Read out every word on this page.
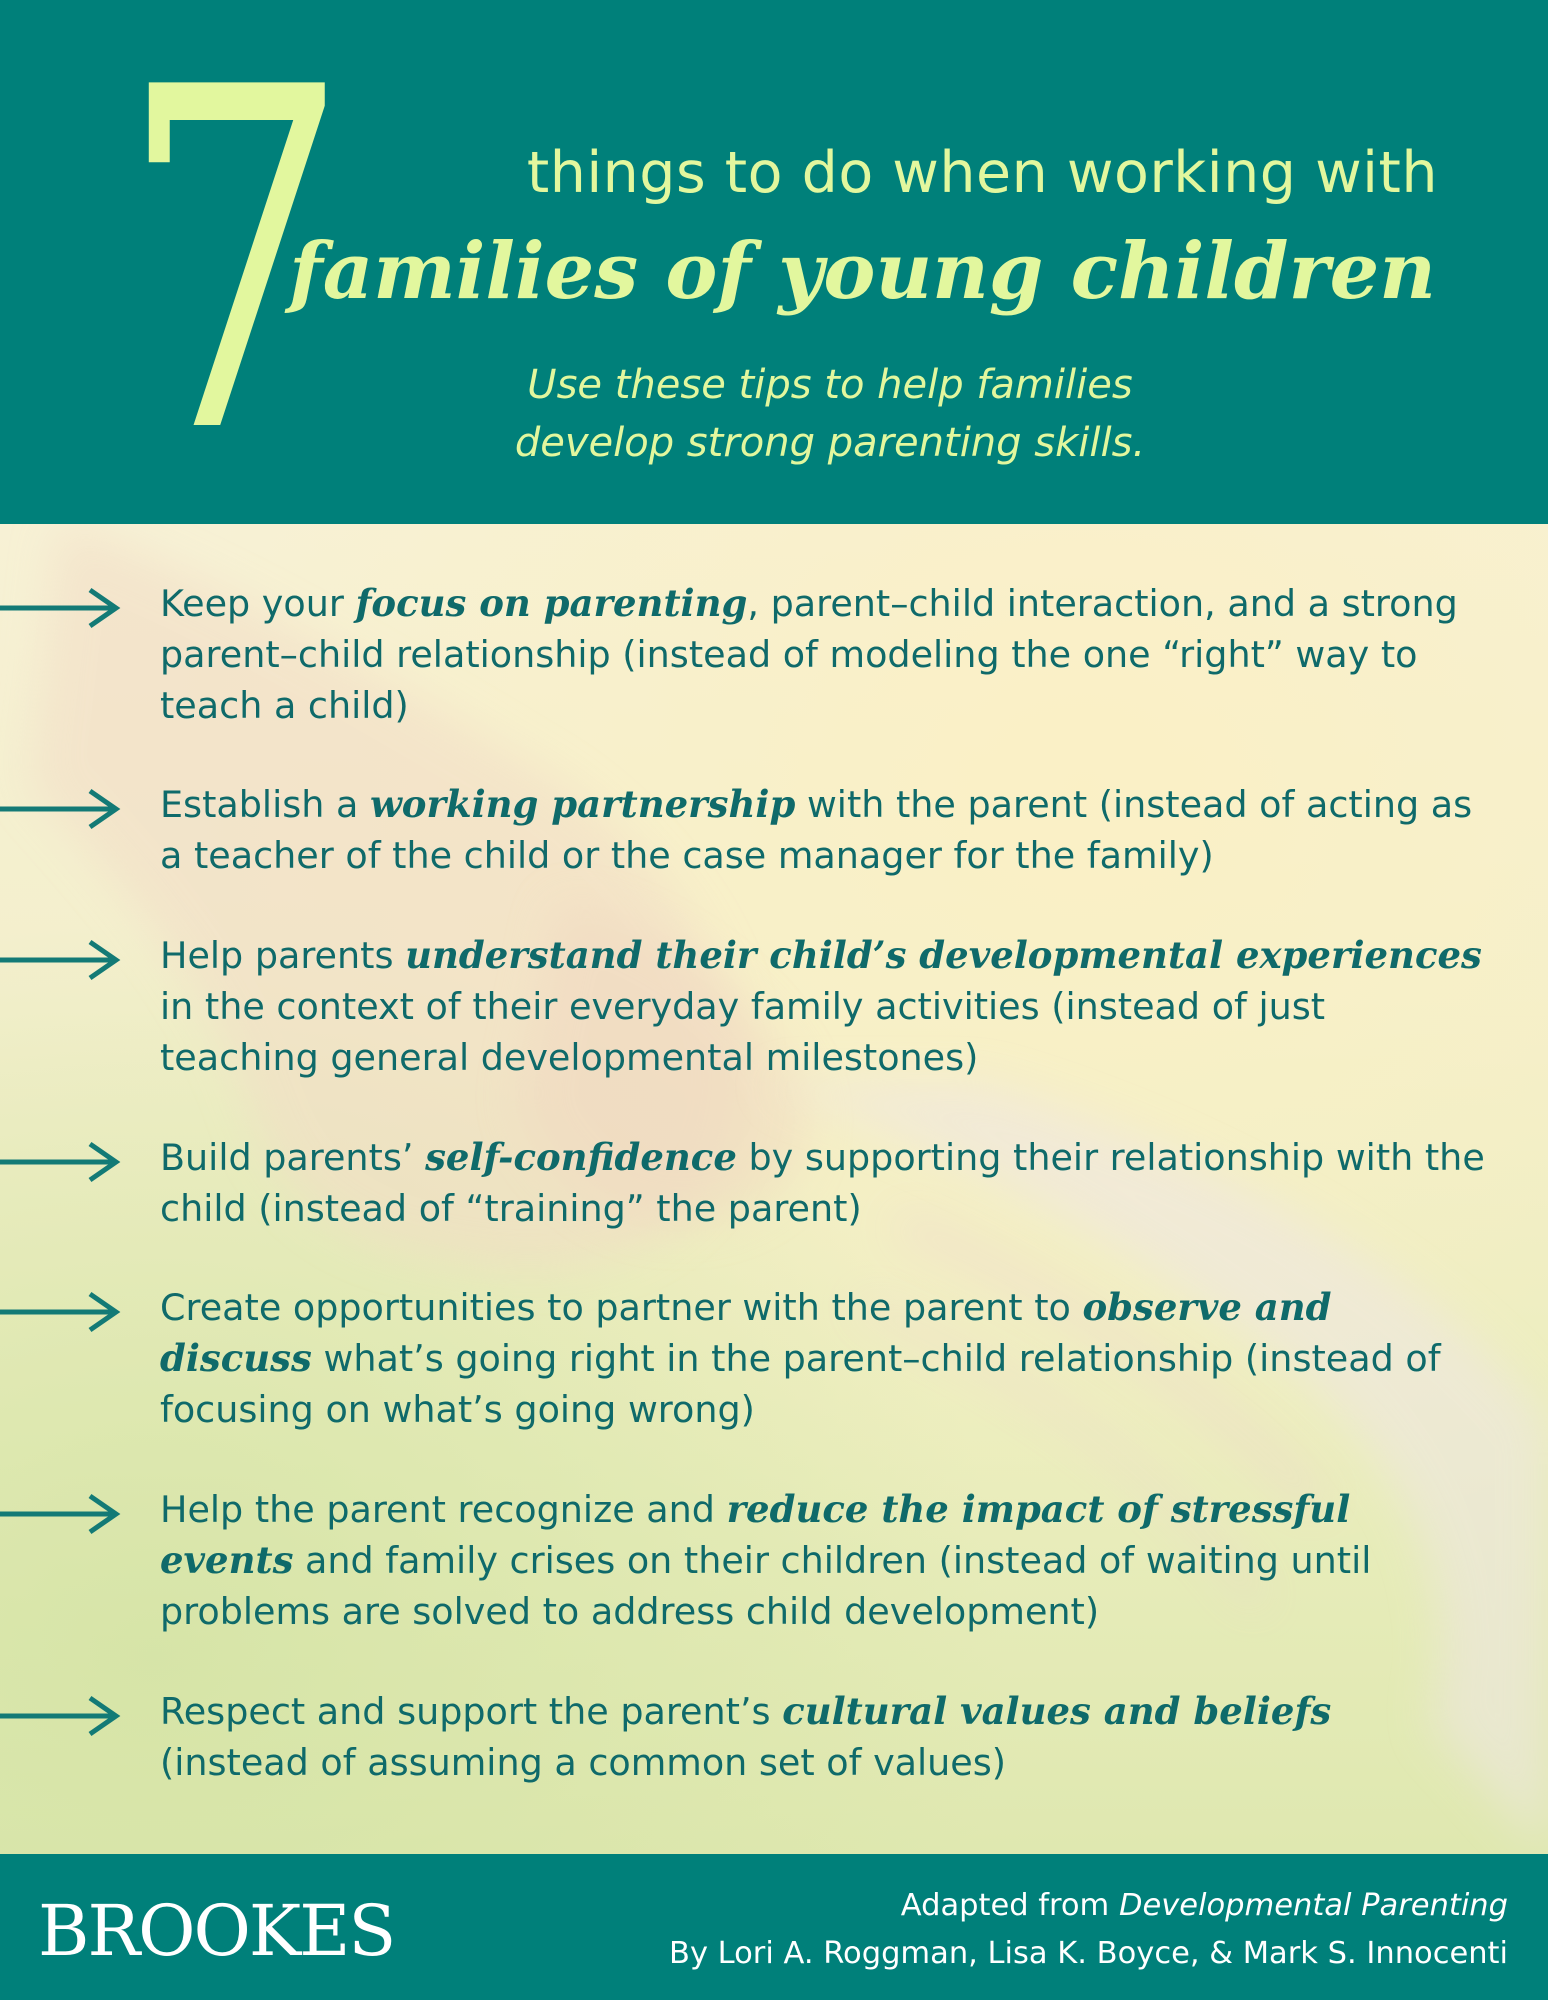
7	things to do when working with
families of young children
Use these tips to help families
develop strong parenting skills.
Keep your focus on parenting, parent–child interaction, and a strong parent–child relationship (instead of modeling the one “right” way to teach a child)
Establish a working partnership with the parent (instead of acting as a teacher of the child or the case manager for the family)
Help parents understand their child’s developmental experiences in the context of their everyday family activities (instead of just teaching general developmental milestones)
Build parents’ self-confidence by supporting their relationship with the child (instead of “training” the parent)
Create opportunities to partner with the parent to observe and discuss what’s going right in the parent–child relationship (instead of focusing on what’s going wrong)
Help the parent recognize and reduce the impact of stressful events and family crises on their children (instead of waiting until problems are solved to address child development)
Respect and support the parent’s cultural values and beliefs (instead of assuming a common set of values)
BROOKES	Adapted from Developmental Parenting
By Lori A. Roggman, Lisa K. Boyce, & Mark S. Innocenti
